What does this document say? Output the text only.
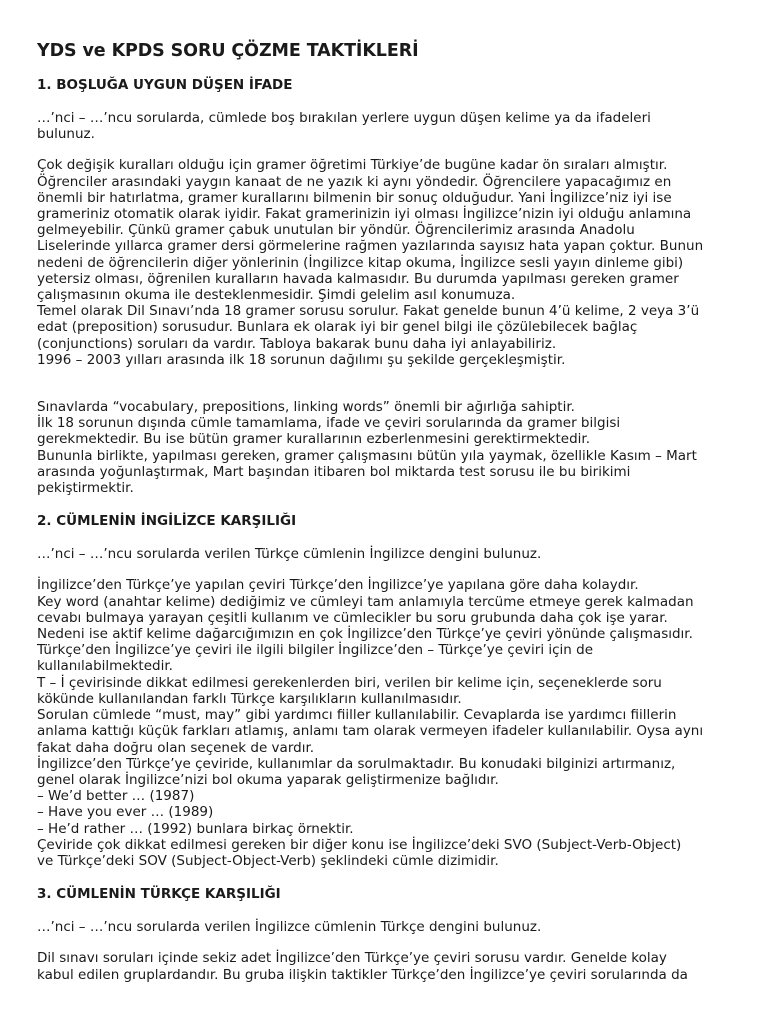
YDS ve KPDS SORU ÇÖZME TAKTİKLERİ
1. BOŞLUĞA UYGUN DÜŞEN İFADE

…’nci – …’ncu sorularda, cümlede boş bırakılan yerlere uygun düşen kelime ya da ifadeleri
bulunuz.

Çok değişik kuralları olduğu için gramer öğretimi Türkiye’de bugüne kadar ön sıraları almıştır.
Öğrenciler arasındaki yaygın kanaat de ne yazık ki aynı yöndedir. Öğrencilere yapacağımız en
önemli bir hatırlatma, gramer kurallarını bilmenin bir sonuç olduğudur. Yani İngilizce’niz iyi ise
grameriniz otomatik olarak iyidir. Fakat gramerinizin iyi olması İngilizce’nizin iyi olduğu anlamına
gelmeyebilir. Çünkü gramer çabuk unutulan bir yöndür. Öğrencilerimiz arasında Anadolu
Liselerinde yıllarca gramer dersi görmelerine rağmen yazılarında sayısız hata yapan çoktur. Bunun
nedeni de öğrencilerin diğer yönlerinin (İngilizce kitap okuma, İngilizce sesli yayın dinleme gibi)
yetersiz olması, öğrenilen kuralların havada kalmasıdır. Bu durumda yapılması gereken gramer
çalışmasının okuma ile desteklenmesidir. Şimdi gelelim asıl konumuza.
Temel olarak Dil Sınavı’nda 18 gramer sorusu sorulur. Fakat genelde bunun 4’ü kelime, 2 veya 3’ü
edat (preposition) sorusudur. Bunlara ek olarak iyi bir genel bilgi ile çözülebilecek bağlaç
(conjunctions) soruları da vardır. Tabloya bakarak bunu daha iyi anlayabiliriz.
1996 – 2003 yılları arasında ilk 18 sorunun dağılımı şu şekilde gerçekleşmiştir.

Sınavlarda “vocabulary, prepositions, linking words” önemli bir ağırlığa sahiptir.
İlk 18 sorunun dışında cümle tamamlama, ifade ve çeviri sorularında da gramer bilgisi
gerekmektedir. Bu ise bütün gramer kurallarının ezberlenmesini gerektirmektedir.
Bununla birlikte, yapılması gereken, gramer çalışmasını bütün yıla yaymak, özellikle Kasım – Mart
arasında yoğunlaştırmak, Mart başından itibaren bol miktarda test sorusu ile bu birikimi
pekiştirmektir.

2. CÜMLENİN İNGİLİZCE KARŞILIĞI

…’nci – …’ncu sorularda verilen Türkçe cümlenin İngilizce dengini bulunuz.

İngilizce’den Türkçe’ye yapılan çeviri Türkçe’den İngilizce’ye yapılana göre daha kolaydır.
Key word (anahtar kelime) dediğimiz ve cümleyi tam anlamıyla tercüme etmeye gerek kalmadan
cevabı bulmaya yarayan çeşitli kullanım ve cümlecikler bu soru grubunda daha çok işe yarar.
Nedeni ise aktif kelime dağarcığımızın en çok İngilizce’den Türkçe’ye çeviri yönünde çalışmasıdır.
Türkçe’den İngilizce’ye çeviri ile ilgili bilgiler İngilizce’den – Türkçe’ye çeviri için de
kullanılabilmektedir.
T – İ çevirisinde dikkat edilmesi gerekenlerden biri, verilen bir kelime için, seçeneklerde soru
kökünde kullanılandan farklı Türkçe karşılıkların kullanılmasıdır.
Sorulan cümlede “must, may” gibi yardımcı fiiller kullanılabilir. Cevaplarda ise yardımcı fiillerin
anlama kattığı küçük farkları atlamış, anlamı tam olarak vermeyen ifadeler kullanılabilir. Oysa aynı
fakat daha doğru olan seçenek de vardır.
İngilizce’den Türkçe’ye çeviride, kullanımlar da sorulmaktadır. Bu konudaki bilginizi artırmanız,
genel olarak İngilizce’nizi bol okuma yaparak geliştirmenize bağlıdır.
– We’d better … (1987)
– Have you ever … (1989)
– He’d rather … (1992) bunlara birkaç örnektir.
Çeviride çok dikkat edilmesi gereken bir diğer konu ise İngilizce’deki SVO (Subject-Verb-Object)
ve Türkçe’deki SOV (Subject-Object-Verb) şeklindeki cümle dizimidir.

3. CÜMLENİN TÜRKÇE KARŞILIĞI

…’nci – …’ncu sorularda verilen İngilizce cümlenin Türkçe dengini bulunuz.

Dil sınavı soruları içinde sekiz adet İngilizce’den Türkçe’ye çeviri sorusu vardır. Genelde kolay
kabul edilen gruplardandır. Bu gruba ilişkin taktikler Türkçe’den İngilizce’ye çeviri sorularında da
